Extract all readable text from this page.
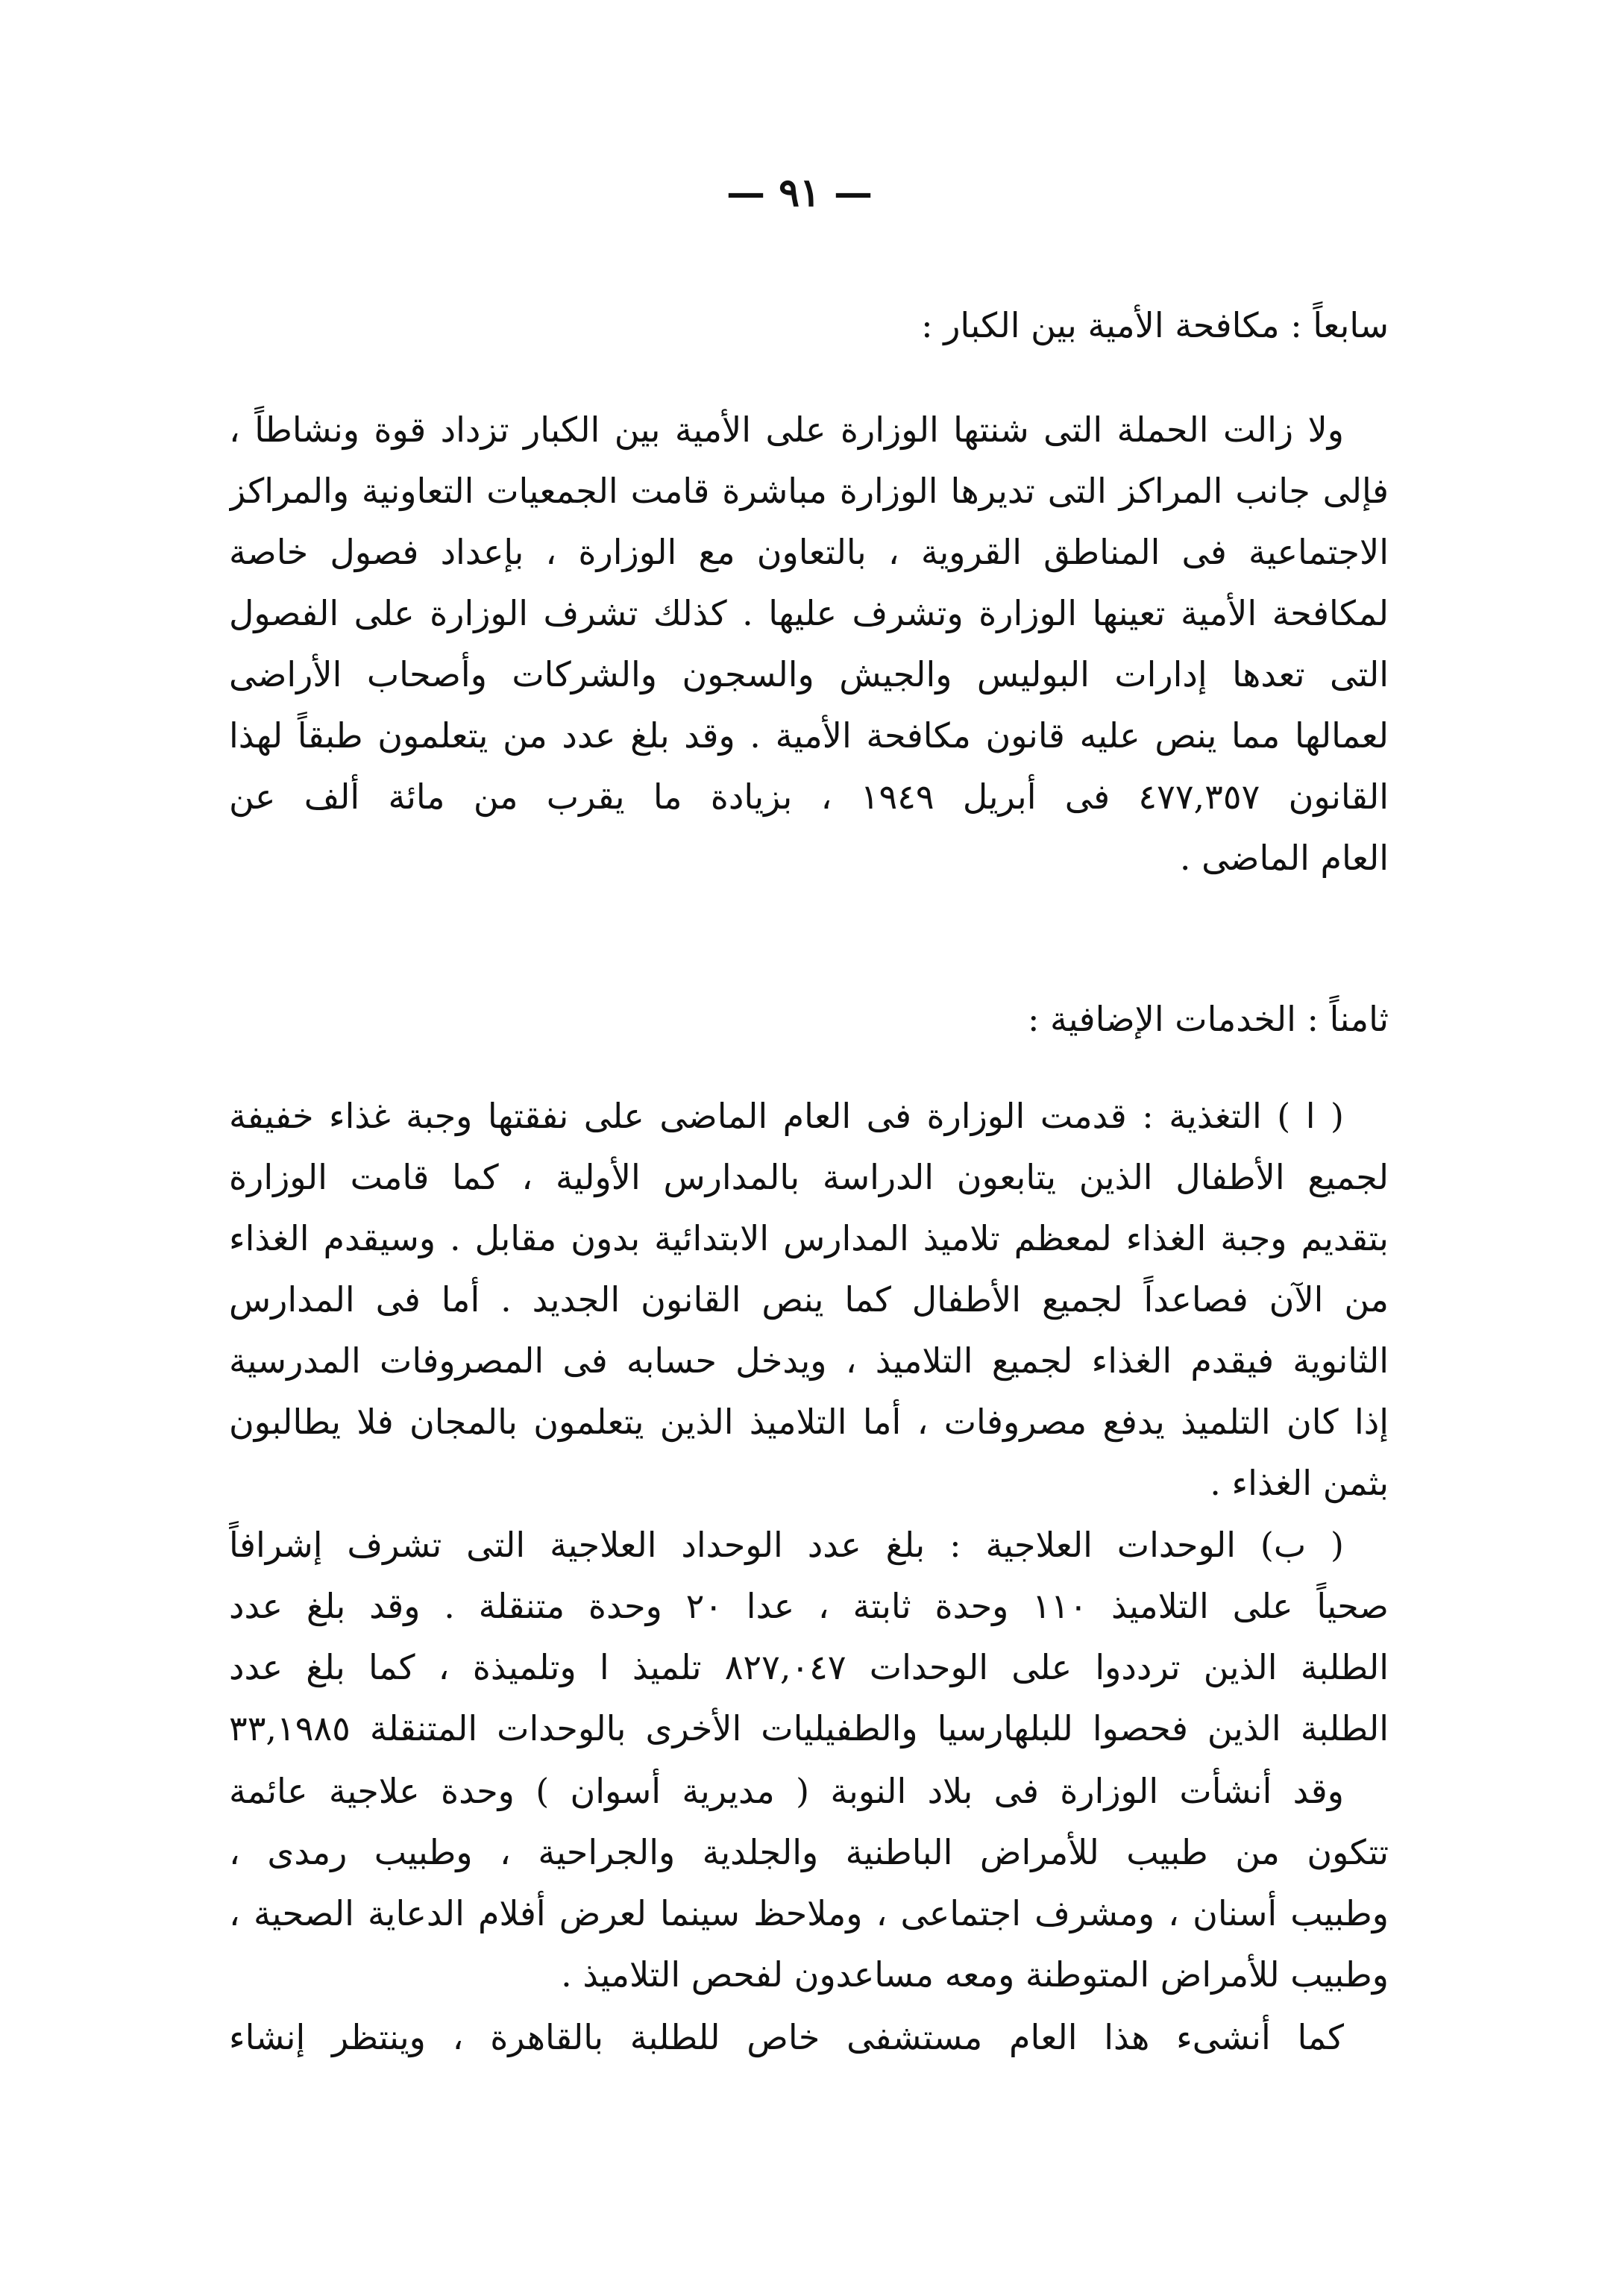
— ٩١ —
سابعاً : مكافحة الأمية بين الكبار :
ولا زالت الحملة التى شنتها الوزارة على الأمية بين الكبار تزداد قوة ونشاطاً ،
فإلى جانب المراكز التى تديرها الوزارة مباشرة قامت الجمعيات التعاونية والمراكز
الاجتماعية فى المناطق القروية ، بالتعاون مع الوزارة ، بإعداد فصول خاصة
لمكافحة الأمية تعينها الوزارة وتشرف عليها . كذلك تشرف الوزارة على الفصول
التى تعدها إدارات البوليس والجيش والسجون والشركات وأصحاب الأراضى
لعمالها مما ينص عليه قانون مكافحة الأمية . وقد بلغ عدد من يتعلمون طبقاً لهذا
القانون ٤٧٧,٣٥٧ فى أبريل ١٩٤٩ ، بزيادة ما يقرب من مائة ألف عن
العام الماضى .
ثامناً : الخدمات الإضافية :
( ا ) التغذية : قدمت الوزارة فى العام الماضى على نفقتها وجبة غذاء خفيفة
لجميع الأطفال الذين يتابعون الدراسة بالمدارس الأولية ، كما قامت الوزارة
بتقديم وجبة الغذاء لمعظم تلاميذ المدارس الابتدائية بدون مقابل . وسيقدم الغذاء
من الآن فصاعداً لجميع الأطفال كما ينص القانون الجديد . أما فى المدارس
الثانوية فيقدم الغذاء لجميع التلاميذ ، ويدخل حسابه فى المصروفات المدرسية
إذا كان التلميذ يدفع مصروفات ، أما التلاميذ الذين يتعلمون بالمجان فلا يطالبون
بثمن الغذاء .
( ب) الوحدات العلاجية : بلغ عدد الوحداد العلاجية التى تشرف إشرافاً
صحياً على التلاميذ ١١٠ وحدة ثابتة ، عدا ٢٠ وحدة متنقلة . وقد بلغ عدد
الطلبة الذين ترددوا على الوحدات ٨٢٧,٠٤٧ تلميذ ا وتلميذة ، كما بلغ عدد
الطلبة الذين فحصوا للبلهارسيا والطفيليات الأخرى بالوحدات المتنقلة ٣٣,١٩٨٥
وقد أنشأت الوزارة فى بلاد النوبة ( مديرية أسوان ) وحدة علاجية عائمة
تتكون من طبيب للأمراض الباطنية والجلدية والجراحية ، وطبيب رمدى ،
وطبيب أسنان ، ومشرف اجتماعى ، وملاحظ سينما لعرض أفلام الدعاية الصحية ،
وطبيب للأمراض المتوطنة ومعه مساعدون لفحص التلاميذ .
كما أنشىء هذا العام مستشفى خاص للطلبة بالقاهرة ، وينتظر إنشاء
